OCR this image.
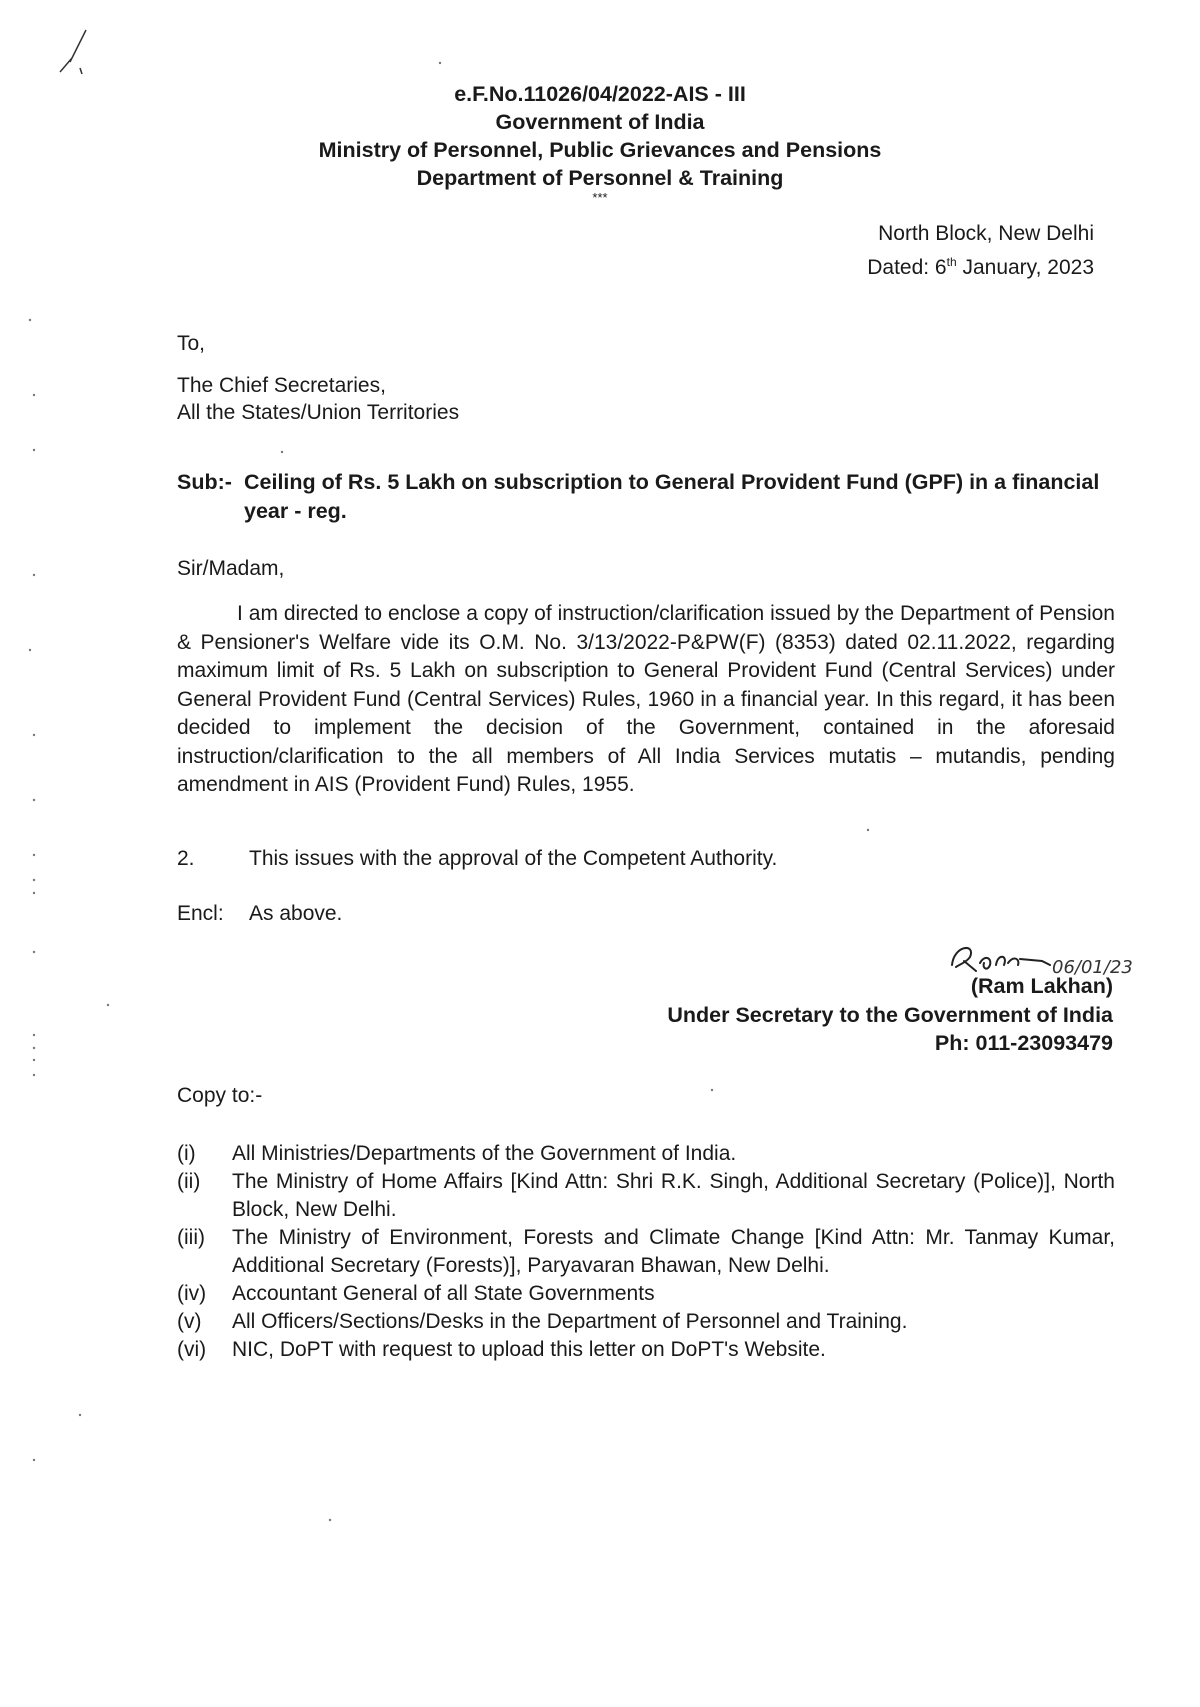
e.F.No.11026/04/2022-AIS - III
Government of India
Ministry of Personnel, Public Grievances and Pensions
Department of Personnel & Training
***
North Block, New Delhi
Dated: 6th January, 2023
To,
The Chief Secretaries,
All the States/Union Territories
Sub:- Ceiling of Rs. 5 Lakh on subscription to General Provident Fund (GPF) in a financial year - reg.
Sir/Madam,
I am directed to enclose a copy of instruction/clarification issued by the Department of Pension & Pensioner's Welfare vide its O.M. No. 3/13/2022-P&PW(F) (8353) dated 02.11.2022, regarding maximum limit of Rs. 5 Lakh on subscription to General Provident Fund (Central Services) under General Provident Fund (Central Services) Rules, 1960 in a financial year. In this regard, it has been decided to implement the decision of the Government, contained in the aforesaid instruction/clarification to the all members of All India Services mutatis – mutandis, pending amendment in AIS (Provident Fund) Rules, 1955.
2.	This issues with the approval of the Competent Authority.
Encl: As above.
06/01/23
(Ram Lakhan)
Under Secretary to the Government of India
Ph: 011-23093479
Copy to:-
(i) All Ministries/Departments of the Government of India.
(ii) The Ministry of Home Affairs [Kind Attn: Shri R.K. Singh, Additional Secretary (Police)], North Block, New Delhi.
(iii) The Ministry of Environment, Forests and Climate Change [Kind Attn: Mr. Tanmay Kumar, Additional Secretary (Forests)], Paryavaran Bhawan, New Delhi.
(iv) Accountant General of all State Governments
(v) All Officers/Sections/Desks in the Department of Personnel and Training.
(vi) NIC, DoPT with request to upload this letter on DoPT's Website.
